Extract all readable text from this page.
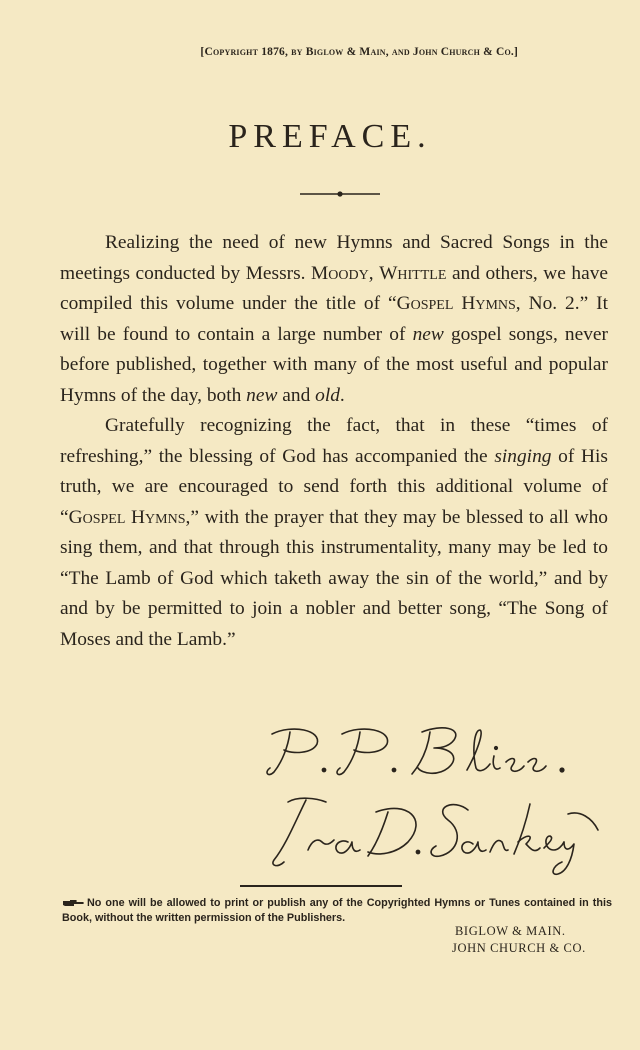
[Copyright 1876, by Biglow & Main, and John Church & Co.]
PREFACE.

Realizing the need of new Hymns and Sacred Songs in the meetings conducted by Messrs. Moody, Whittle and others, we have compiled this volume under the title of “Gospel Hymns, No. 2.” It will be found to contain a large number of new gospel songs, never before published, together with many of the most useful and popular Hymns of the day, both new and old.

Gratefully recognizing the fact, that in these “times of refreshing,” the blessing of God has accompanied the singing of His truth, we are encouraged to send forth this additional volume of “Gospel Hymns,” with the prayer that they may be blessed to all who sing them, and that through this instrumentality, many may be led to “The Lamb of God which taketh away the sin of the world,” and by and by be permitted to join a nobler and better song, “The Song of Moses and the Lamb.”

No one will be allowed to print or publish any of the Copyrighted Hymns or Tunes contained in this Book, without the written permission of the Publishers.
BIGLOW & MAIN.
JOHN CHURCH & CO.
